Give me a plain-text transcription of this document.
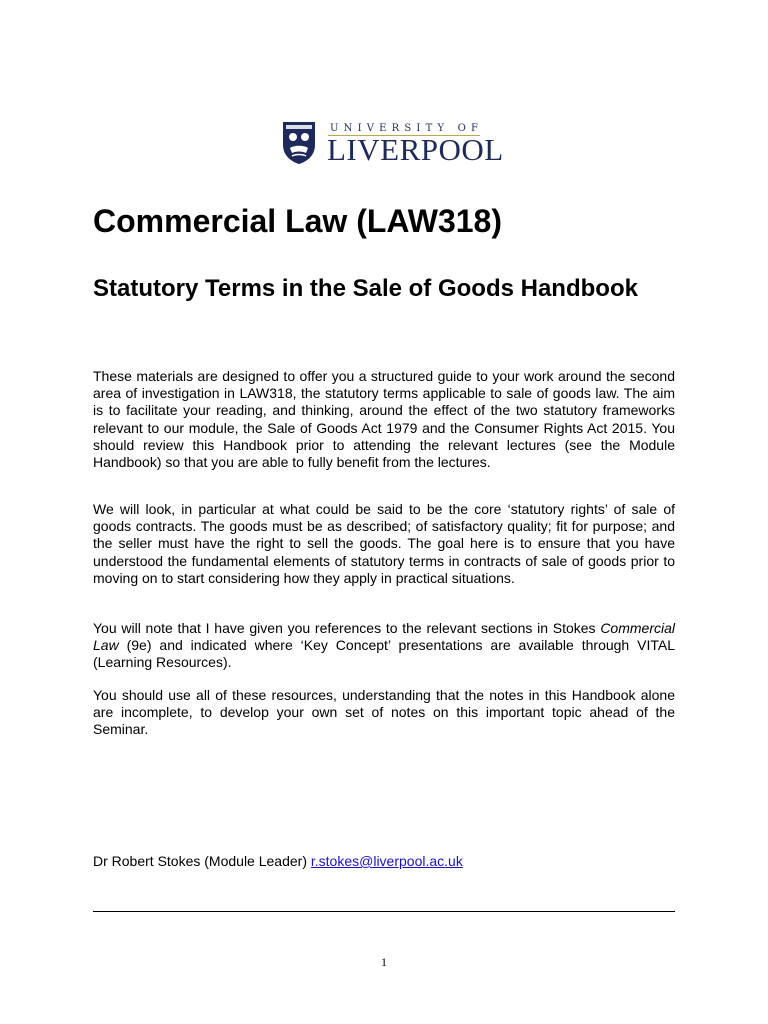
UNIVERSITY OF
LIVERPOOL
Commercial Law (LAW318)
Statutory Terms in the Sale of Goods Handbook

These materials are designed to offer you a structured guide to your work around the second area of investigation in LAW318, the statutory terms applicable to sale of goods law. The aim is to facilitate your reading, and thinking, around the effect of the two statutory frameworks relevant to our module, the Sale of Goods Act 1979 and the Consumer Rights Act 2015. You should review this Handbook prior to attending the relevant lectures (see the Module Handbook) so that you are able to fully benefit from the lectures.

We will look, in particular at what could be said to be the core ‘statutory rights’ of sale of goods contracts. The goods must be as described; of satisfactory quality; fit for purpose; and the seller must have the right to sell the goods. The goal here is to ensure that you have understood the fundamental elements of statutory terms in contracts of sale of goods prior to moving on to start considering how they apply in practical situations.

You will note that I have given you references to the relevant sections in Stokes Commercial Law (9e) and indicated where ‘Key Concept’ presentations are available through VITAL (Learning Resources).

You should use all of these resources, understanding that the notes in this Handbook alone are incomplete, to develop your own set of notes on this important topic ahead of the Seminar.

Dr Robert Stokes (Module Leader) r.stokes@liverpool.ac.uk
1
